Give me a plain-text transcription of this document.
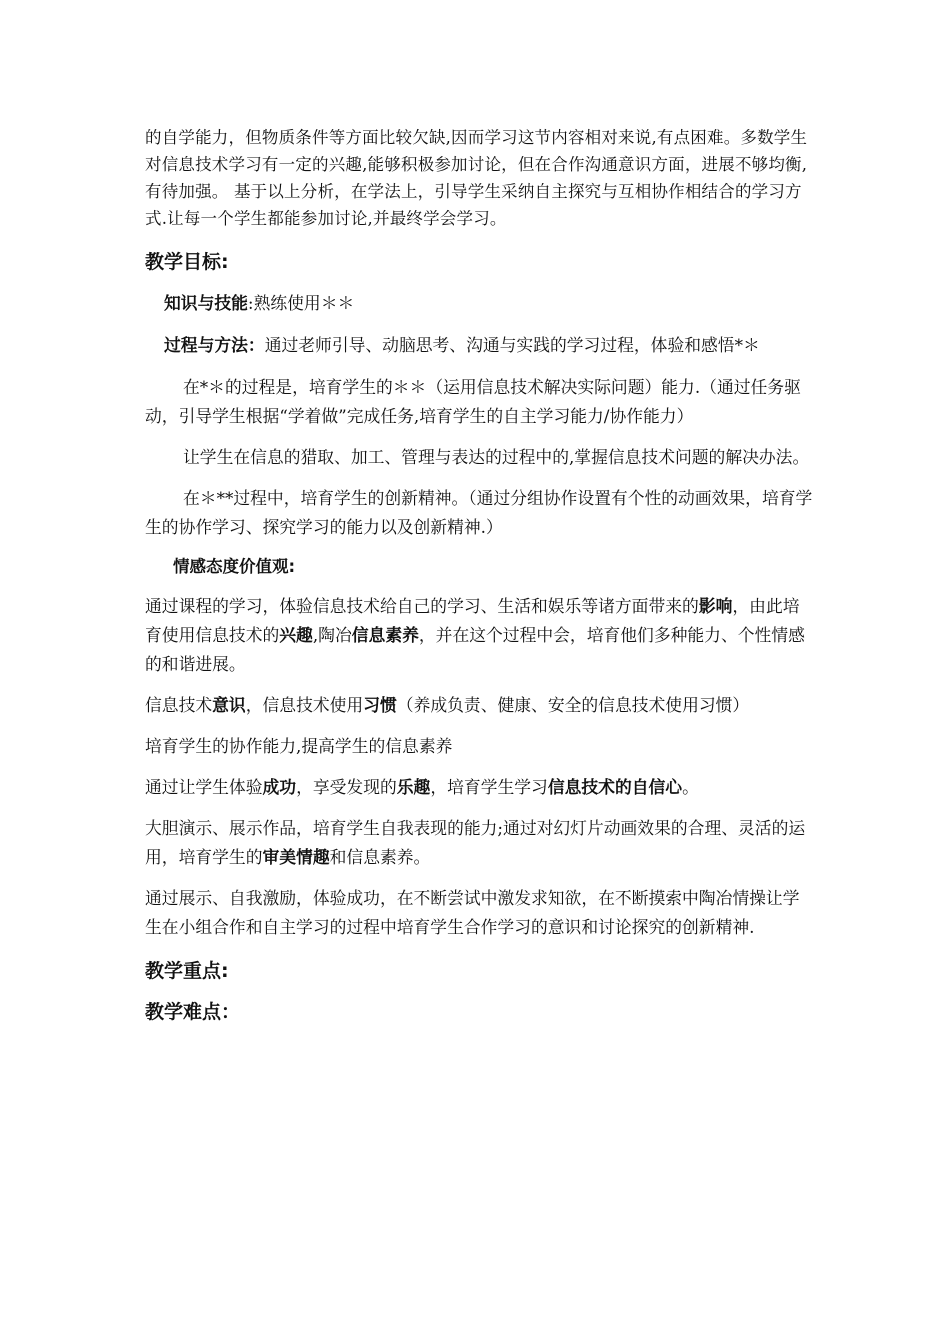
的自学能力，但物质条件等方面比较欠缺,因而学习这节内容相对来说,有点困难。多数学生对信息技术学习有一定的兴趣,能够积极参加讨论，但在合作沟通意识方面，进展不够均衡,有待加强。 基于以上分析，在学法上，引导学生采纳自主探究与互相协作相结合的学习方式.让每一个学生都能参加讨论,并最终学会学习。

教学目标:

知识与技能:熟练使用＊＊

过程与方法：通过老师引导、动脑思考、沟通与实践的学习过程，体验和感悟*＊

在*＊的过程是，培育学生的＊＊（运用信息技术解决实际问题）能力.（通过任务驱动，引导学生根据“学着做”完成任务,培育学生的自主学习能力/协作能力）

让学生在信息的猎取、加工、管理与表达的过程中的,掌握信息技术问题的解决办法。

在＊**过程中，培育学生的创新精神。（通过分组协作设置有个性的动画效果，培育学生的协作学习、探究学习的能力以及创新精神.）

情感态度价值观:

通过课程的学习，体验信息技术给自己的学习、生活和娱乐等诸方面带来的影响，由此培育使用信息技术的兴趣,陶冶信息素养，并在这个过程中会，培育他们多种能力、个性情感的和谐进展。

信息技术意识，信息技术使用习惯（养成负责、健康、安全的信息技术使用习惯）

培育学生的协作能力,提高学生的信息素养

通过让学生体验成功，享受发现的乐趣，培育学生学习信息技术的自信心。

大胆演示、展示作品，培育学生自我表现的能力;通过对幻灯片动画效果的合理、灵活的运用，培育学生的审美情趣和信息素养。

通过展示、自我激励，体验成功，在不断尝试中激发求知欲，在不断摸索中陶冶情操让学生在小组合作和自主学习的过程中培育学生合作学习的意识和讨论探究的创新精神.

教学重点:

教学难点：
